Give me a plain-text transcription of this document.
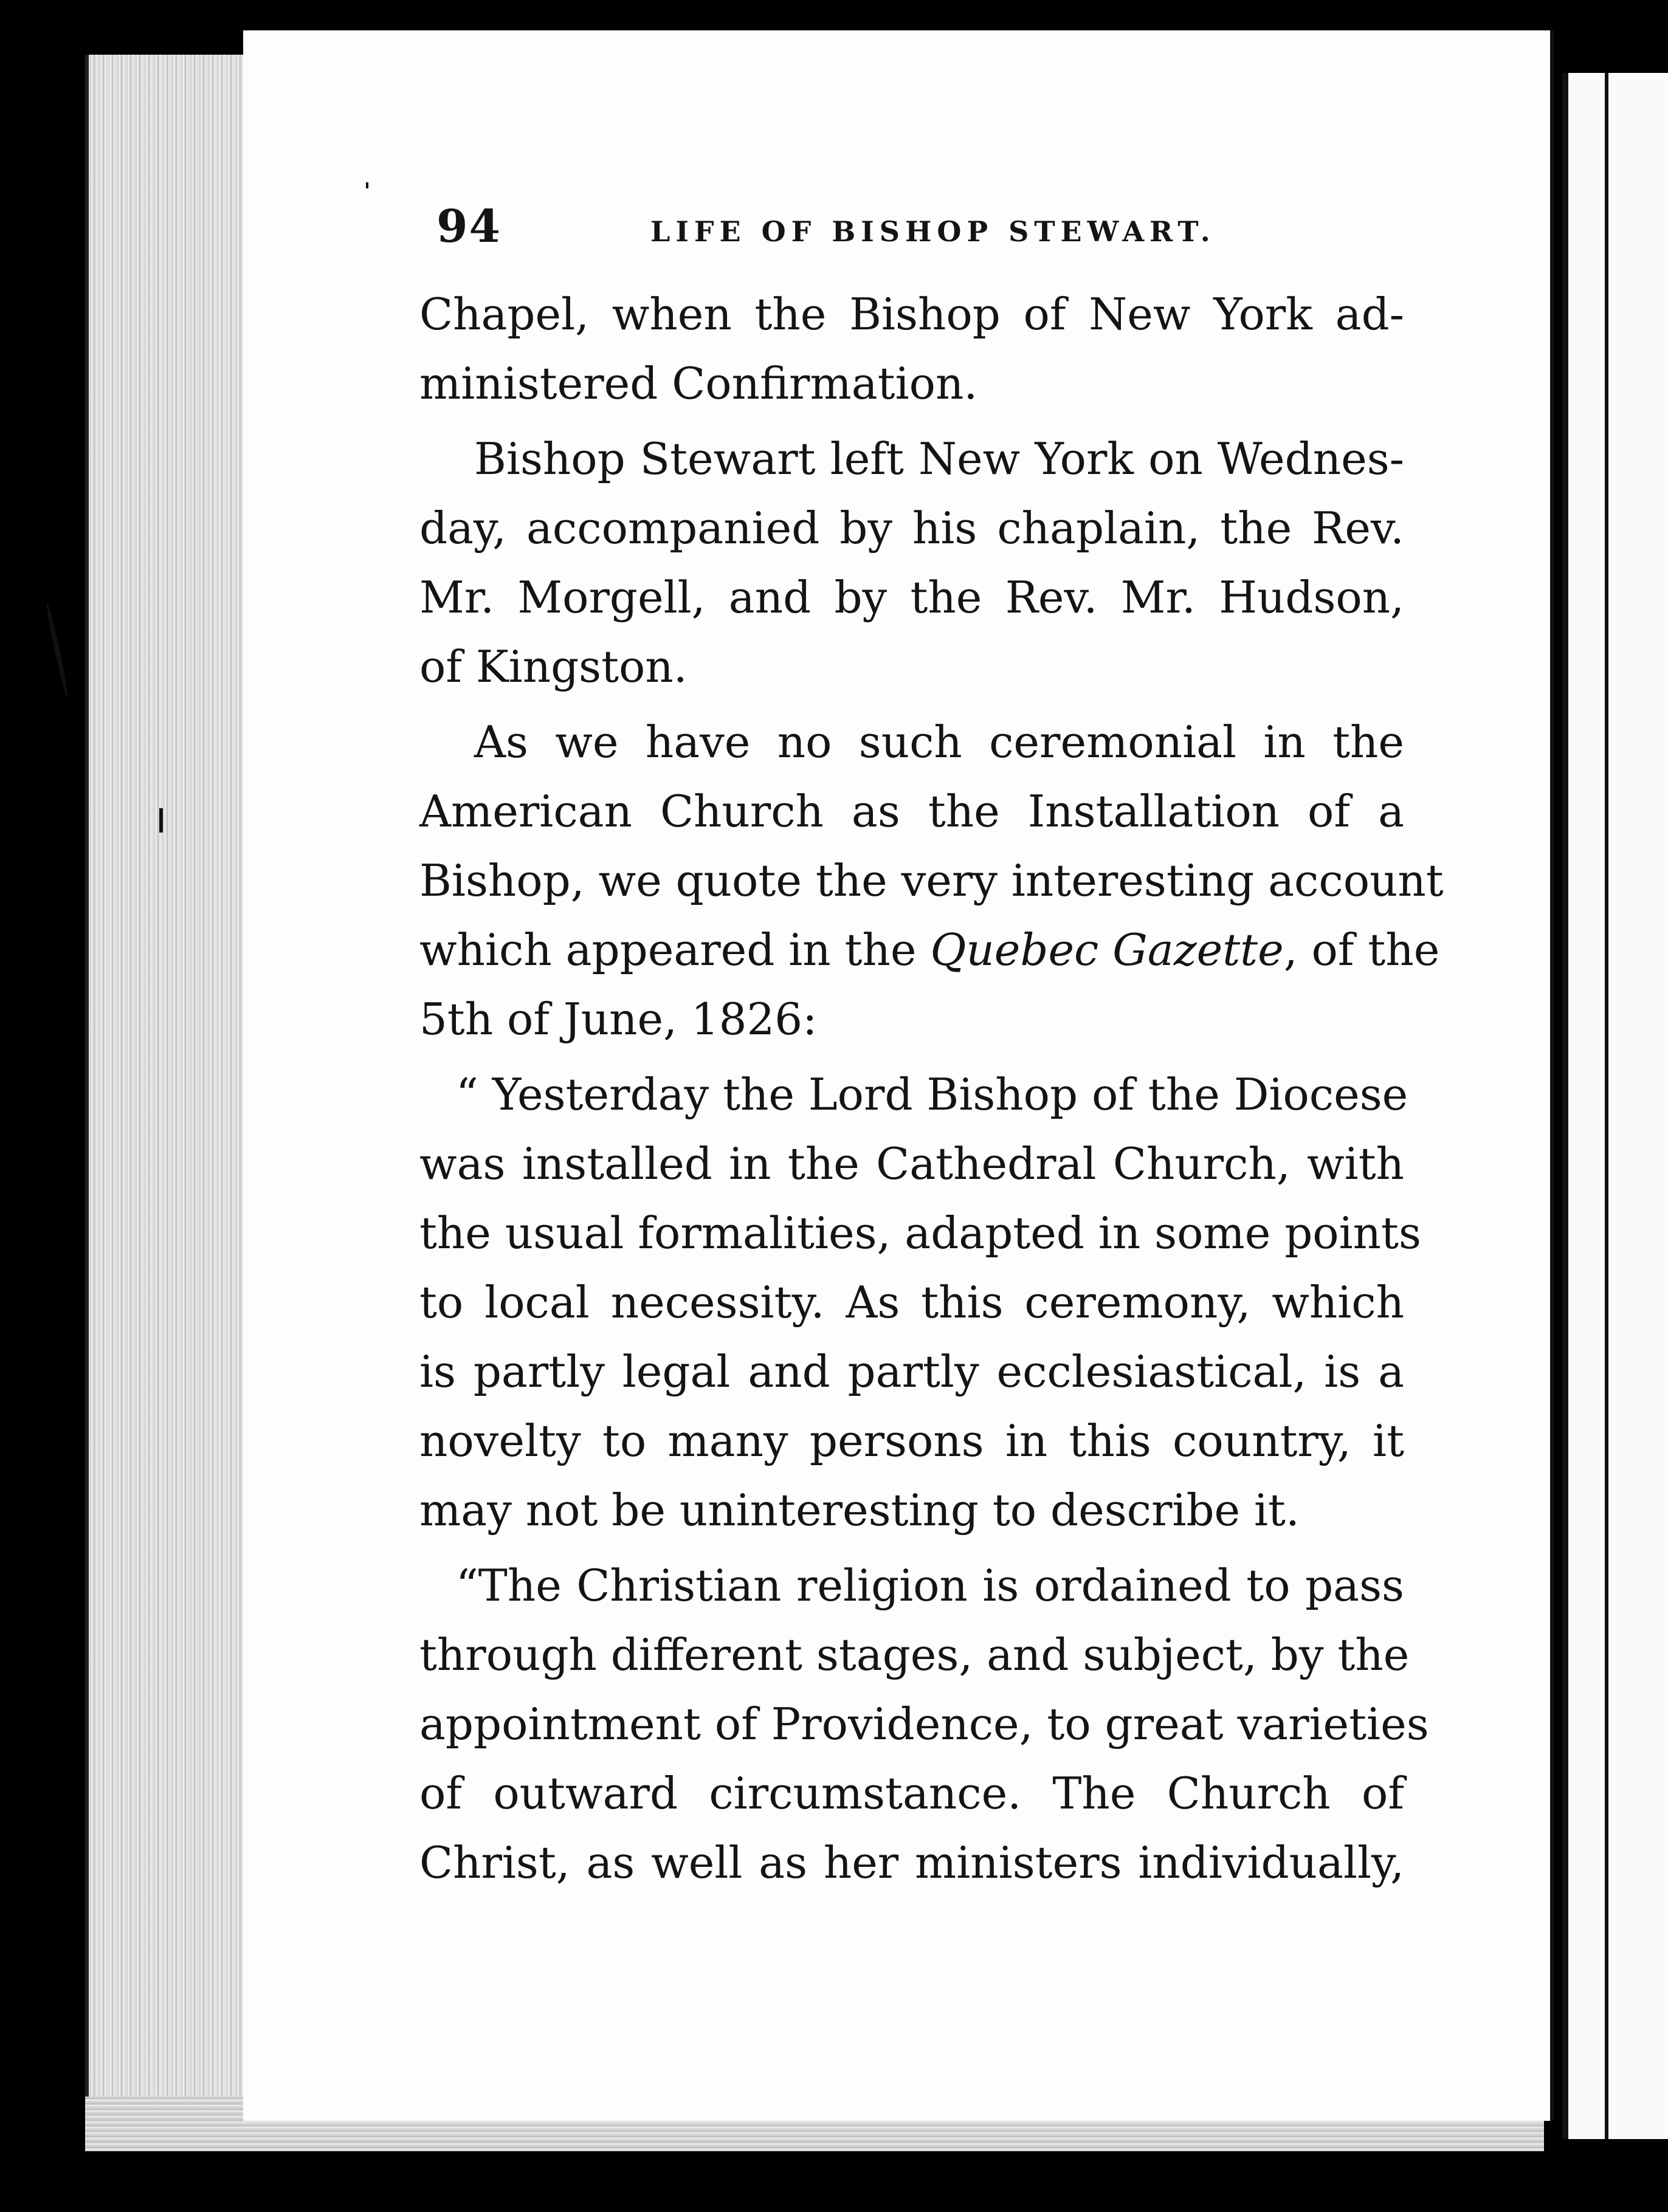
94	LIFE OF BISHOP STEWART.
Chapel, when the Bishop of New York ad-
ministered Confirmation.
Bishop Stewart left New York on Wednes-
day, accompanied by his chaplain, the Rev.
Mr. Morgell, and by the Rev. Mr. Hudson,
of Kingston.
As we have no such ceremonial in the
American Church as the Installation of a
Bishop, we quote the very interesting account
which appeared in the Quebec Gazette, of the
5th of June, 1826:
“ Yesterday the Lord Bishop of the Diocese
was installed in the Cathedral Church, with
the usual formalities, adapted in some points
to local necessity. As this ceremony, which
is partly legal and partly ecclesiastical, is a
novelty to many persons in this country, it
may not be uninteresting to describe it.
“The Christian religion is ordained to pass
through different stages, and subject, by the
appointment of Providence, to great varieties
of outward circumstance. The Church of
Christ, as well as her ministers individually,
